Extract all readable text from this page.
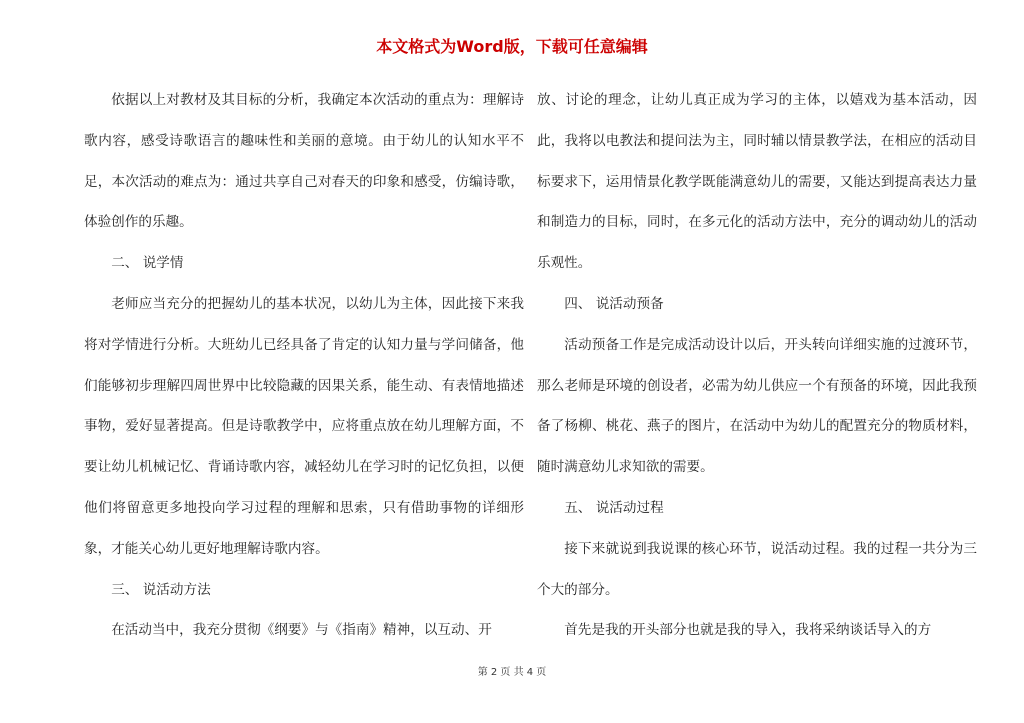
本文格式为Word版，下载可任意编辑

依据以上对教材及其目标的分析，我确定本次活动的重点为：理解诗歌内容，感受诗歌语言的趣味性和美丽的意境。由于幼儿的认知水平不足，本次活动的难点为：通过共享自己对春天的印象和感受，仿编诗歌，体验创作的乐趣。

二、 说学情

老师应当充分的把握幼儿的基本状况，以幼儿为主体，因此接下来我将对学情进行分析。大班幼儿已经具备了肯定的认知力量与学问储备，他们能够初步理解四周世界中比较隐藏的因果关系，能生动、有表情地描述事物，爱好显著提高。但是诗歌教学中，应将重点放在幼儿理解方面，不要让幼儿机械记忆、背诵诗歌内容，减轻幼儿在学习时的记忆负担，以便他们将留意更多地投向学习过程的理解和思索，只有借助事物的详细形象，才能关心幼儿更好地理解诗歌内容。

三、 说活动方法

在活动当中，我充分贯彻《纲要》与《指南》精神，以互动、开

放、讨论的理念，让幼儿真正成为学习的主体，以嬉戏为基本活动，因此，我将以电教法和提问法为主，同时辅以情景教学法，在相应的活动目标要求下，运用情景化教学既能满意幼儿的需要，又能达到提高表达力量和制造力的目标，同时，在多元化的活动方法中，充分的调动幼儿的活动乐观性。

四、 说活动预备

活动预备工作是完成活动设计以后，开头转向详细实施的过渡环节，那么老师是环境的创设者，必需为幼儿供应一个有预备的环境，因此我预备了杨柳、桃花、燕子的图片，在活动中为幼儿的配置充分的物质材料，随时满意幼儿求知欲的需要。

五、 说活动过程

接下来就说到我说课的核心环节，说活动过程。我的过程一共分为三个大的部分。

首先是我的开头部分也就是我的导入，我将采纳谈话导入的方

第 2 页 共 4 页
